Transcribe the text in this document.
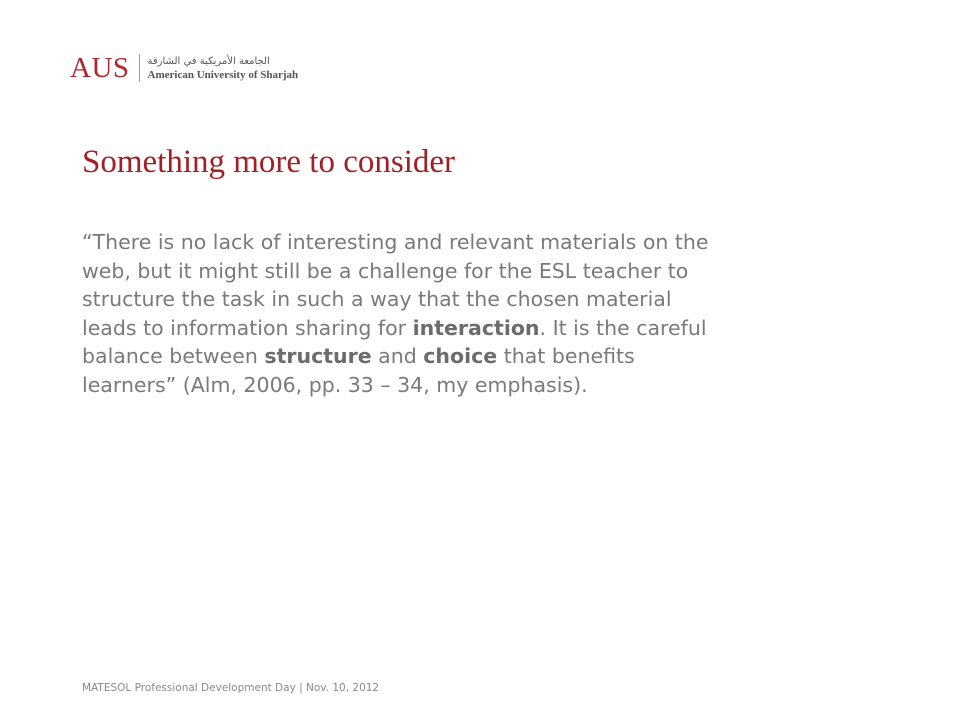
AUS الجامعة الأمريكية في الشارقة
American University of Sharjah
Something more to consider

“There is no lack of interesting and relevant materials on the
web, but it might still be a challenge for the ESL teacher to
structure the task in such a way that the chosen material
leads to information sharing for interaction. It is the careful
balance between structure and choice that benefits
learners” (Alm, 2006, pp. 33 – 34, my emphasis).

MATESOL Professional Development Day | Nov. 10, 2012
